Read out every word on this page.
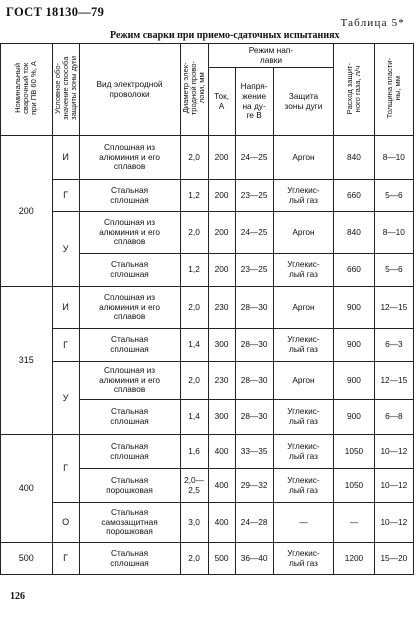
ГОСТ 18130—79
Таблица 5*
Режим сварки при приемо-сдаточных испытаниях
Номинальный
сварочный ток
при ПВ 60 %, А	Условное обо-
значение способа
защиты зоны дуги	Вид электродной
проволоки	Диаметр элек-
тродной прово-
локи, мм	Режим нап-
лавки			Расход защит-
ного газа, л/ч	Толщина пласти-
ны, мм
				Ток,
А	Напря-
жение
на ду-
ге В	Защита
зоны дуги		
200	И	Сплошная из
алюминия и его
сплавов	2,0	200	24—25	Аргон	840	8—10
	Г	Стальная
сплошная	1,2	200	23—25	Углекис-
лый газ	660	5—6
	У	Сплошная из
алюминия и его
сплавов	2,0	200	24—25	Аргон	840	8—10
		Стальная
сплошная	1,2	200	23—25	Углекис-
лый газ	660	5—6
315	И	Сплошная из
алюминия и его
сплавов	2,0	230	28—30	Аргон	900	12—15
	Г	Стальная
сплошная	1,4	300	28—30	Углекис-
лый газ	900	6—3
	У	Сплошная из
алюминия и его
сплавов	2,0	230	28—30	Аргон	900	12—15
		Стальная
сплошная	1,4	300	28—30	Углекис-
лый газ	900	6—8
400	Г	Стальная
сплошная	1,6	400	33—35	Углекис-
лый газ	1050	10—12
		Стальная
порошковая	2,0—2,5	400	29—32	Углекис-
лый газ	1050	10—12
	О	Стальная
самозащитная
порошковая	3,0	400	24—28	—	—	10—12
500	Г	Стальная
сплошная	2,0	500	36—40	Углекис-
лый газ	1200	15—20
126
